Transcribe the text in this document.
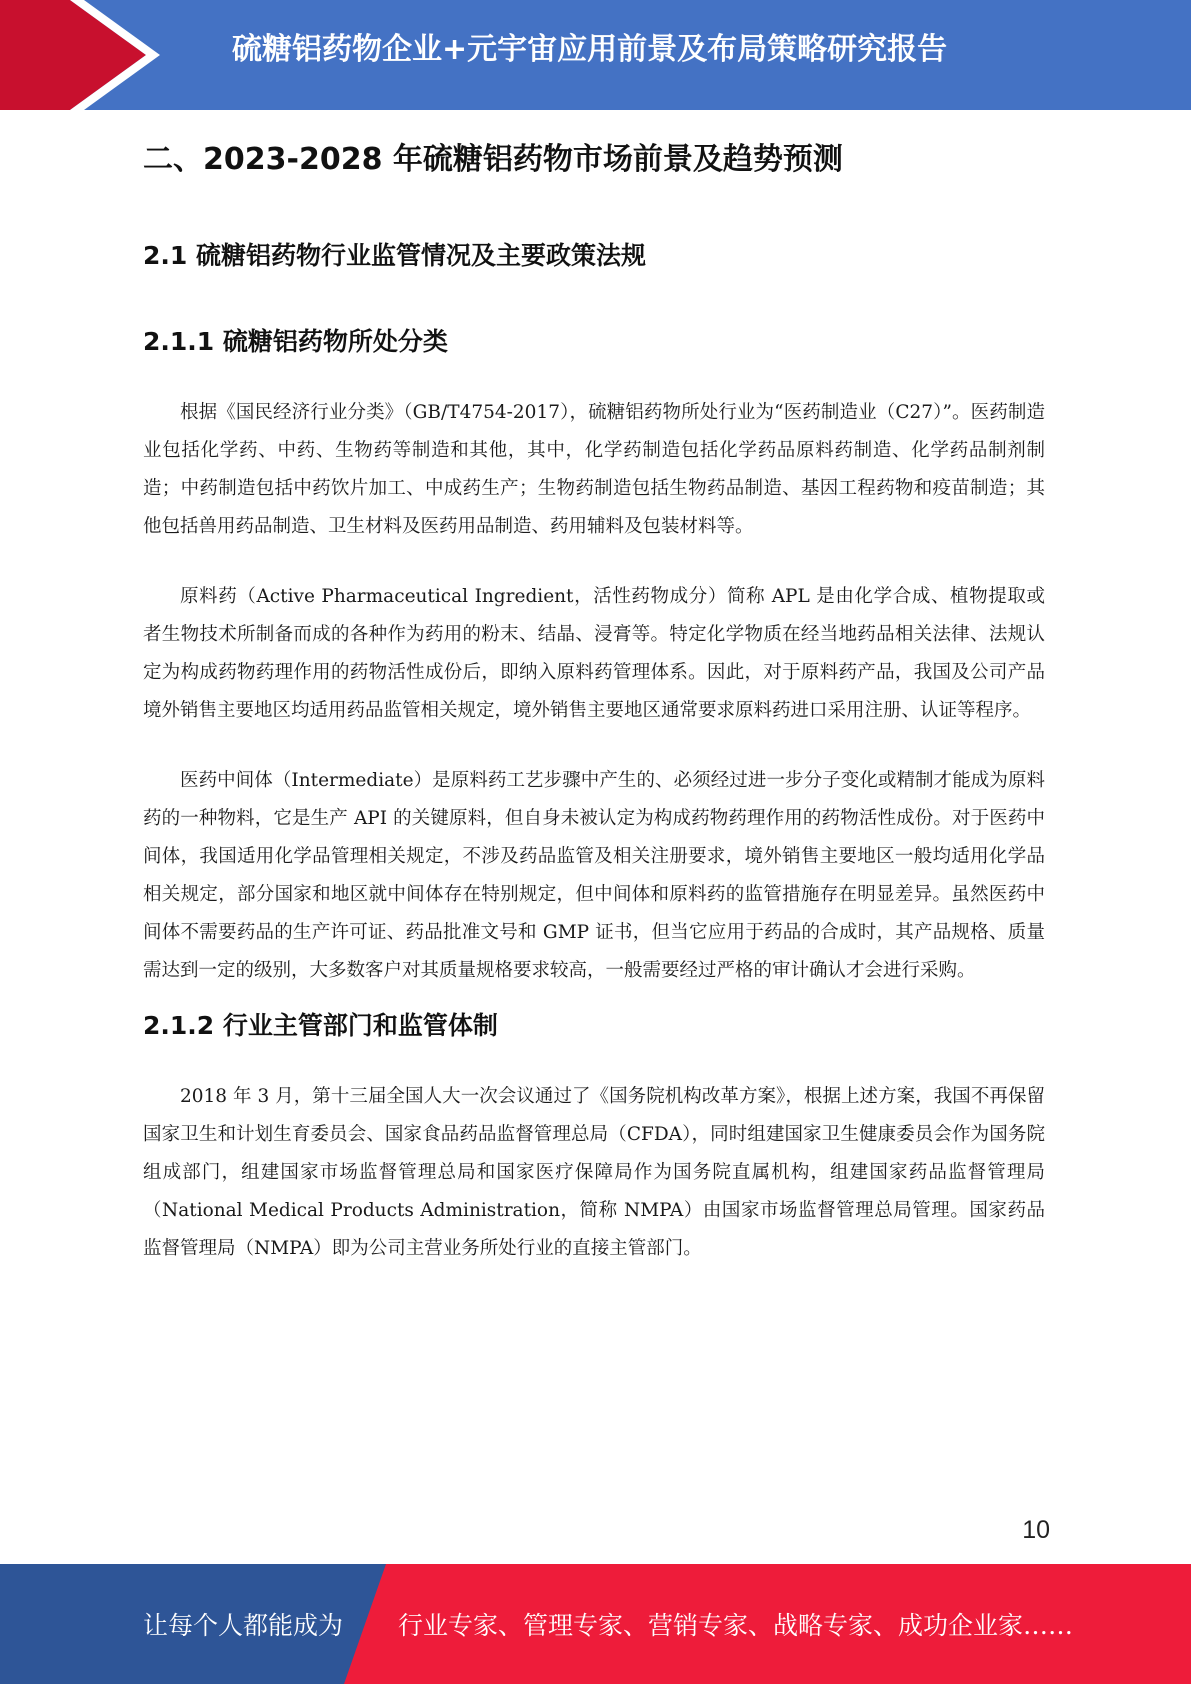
硫糖铝药物企业+元宇宙应用前景及布局策略研究报告
二、2023-2028 年硫糖铝药物市场前景及趋势预测
2.1 硫糖铝药物行业监管情况及主要政策法规
2.1.1 硫糖铝药物所处分类

根据《国民经济行业分类》（GB/T4754-2017），硫糖铝药物所处行业为“医药制造业（C27）”。医药制造业包括化学药、中药、生物药等制造和其他，其中，化学药制造包括化学药品原料药制造、化学药品制剂制造；中药制造包括中药饮片加工、中成药生产；生物药制造包括生物药品制造、基因工程药物和疫苗制造；其他包括兽用药品制造、卫生材料及医药用品制造、药用辅料及包装材料等。

原料药（Active Pharmaceutical Ingredient，活性药物成分）简称 APL 是由化学合成、植物提取或者生物技术所制备而成的各种作为药用的粉末、结晶、浸膏等。特定化学物质在经当地药品相关法律、法规认定为构成药物药理作用的药物活性成份后，即纳入原料药管理体系。因此，对于原料药产品，我国及公司产品境外销售主要地区均适用药品监管相关规定，境外销售主要地区通常要求原料药进口采用注册、认证等程序。

医药中间体（Intermediate）是原料药工艺步骤中产生的、必须经过进一步分子变化或精制才能成为原料药的一种物料，它是生产 API 的关键原料，但自身未被认定为构成药物药理作用的药物活性成份。对于医药中间体，我国适用化学品管理相关规定，不涉及药品监管及相关注册要求，境外销售主要地区一般均适用化学品相关规定，部分国家和地区就中间体存在特别规定，但中间体和原料药的监管措施存在明显差异。虽然医药中间体不需要药品的生产许可证、药品批准文号和 GMP 证书，但当它应用于药品的合成时，其产品规格、质量需达到一定的级别，大多数客户对其质量规格要求较高，一般需要经过严格的审计确认才会进行采购。

2.1.2 行业主管部门和监管体制

2018 年 3 月，第十三届全国人大一次会议通过了《国务院机构改革方案》，根据上述方案，我国不再保留国家卫生和计划生育委员会、国家食品药品监督管理总局（CFDA），同时组建国家卫生健康委员会作为国务院组成部门，组建国家市场监督管理总局和国家医疗保障局作为国务院直属机构，组建国家药品监督管理局（National Medical Products Administration，简称 NMPA）由国家市场监督管理总局管理。国家药品监督管理局（NMPA）即为公司主营业务所处行业的直接主管部门。

10
让每个人都能成为 行业专家、管理专家、营销专家、战略专家、成功企业家……
